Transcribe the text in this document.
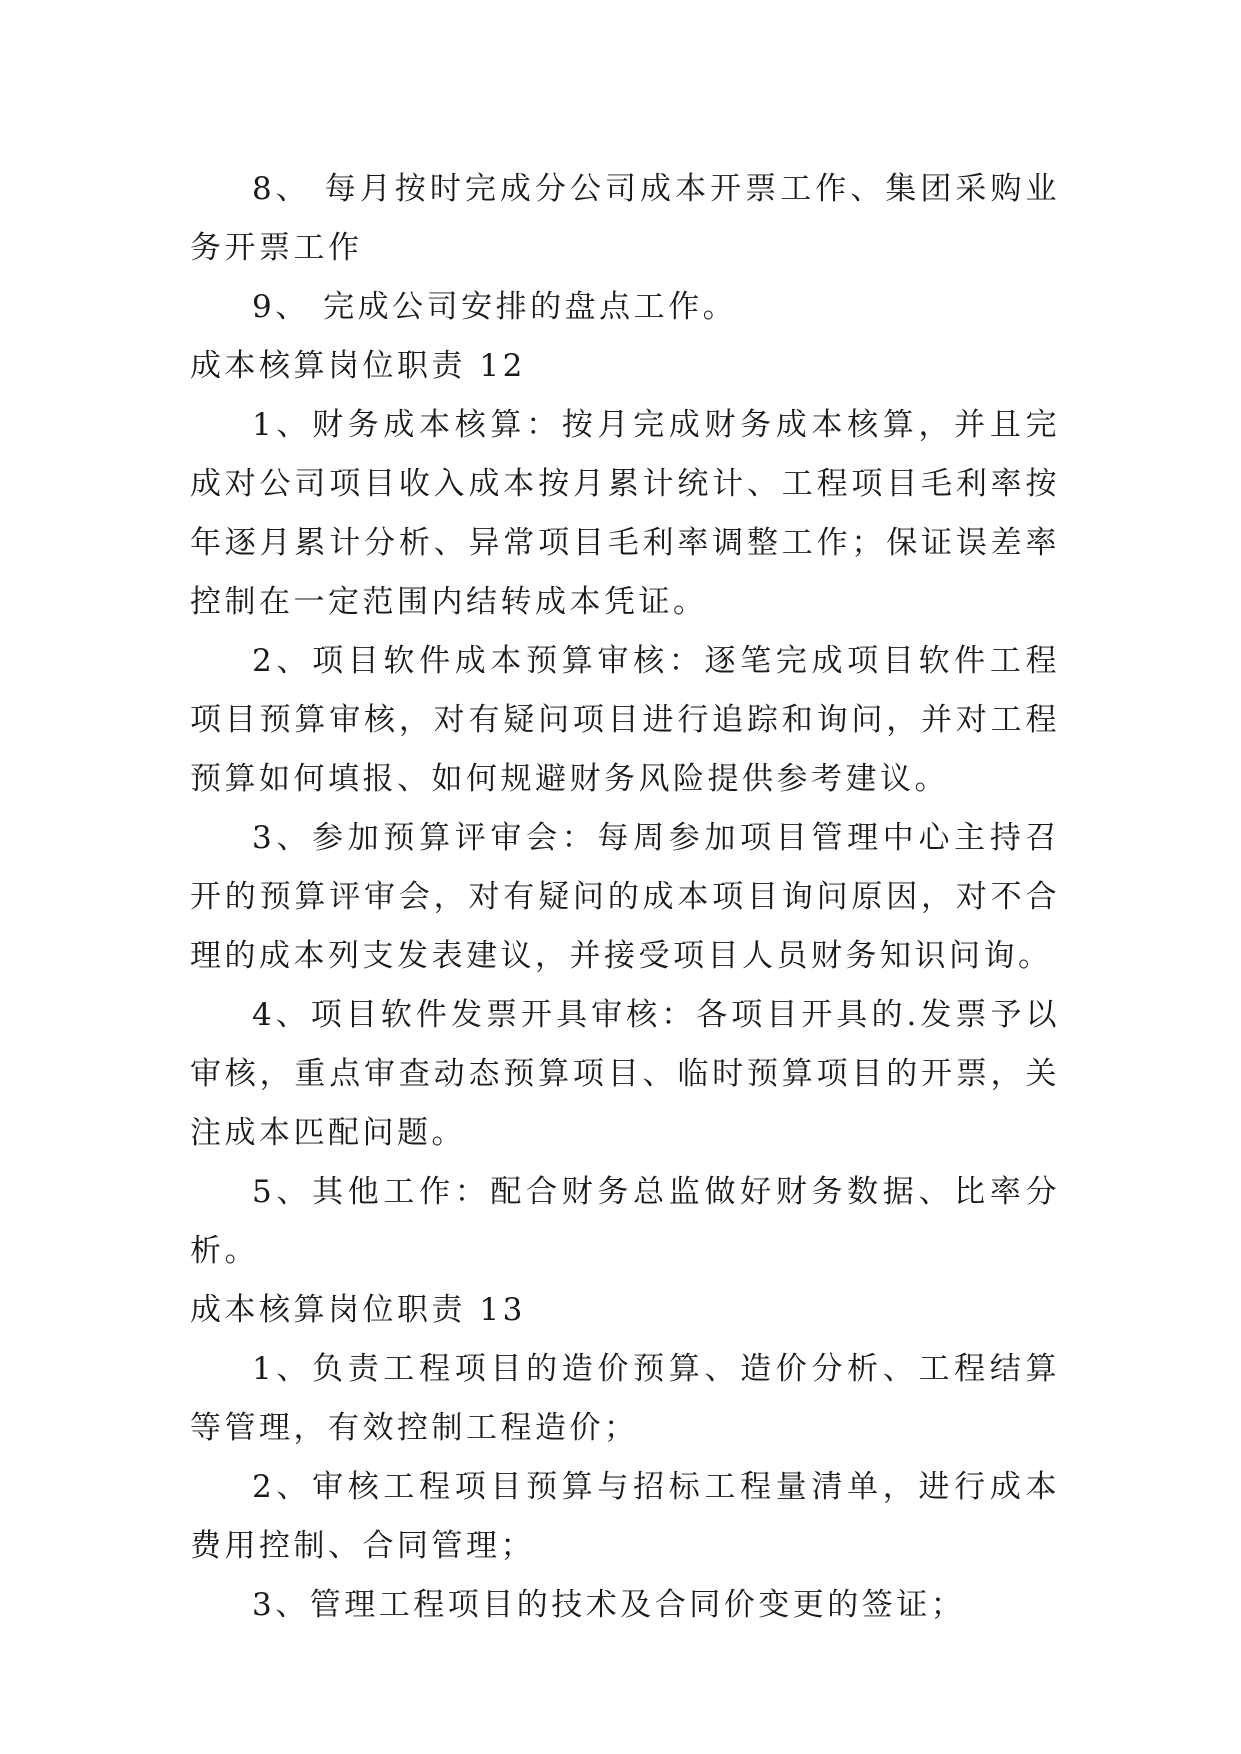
8、 每月按时完成分公司成本开票工作、集团采购业务开票工作

9、 完成公司安排的盘点工作。

成本核算岗位职责 12

1、财务成本核算：按月完成财务成本核算，并且完成对公司项目收入成本按月累计统计、工程项目毛利率按年逐月累计分析、异常项目毛利率调整工作；保证误差率控制在一定范围内结转成本凭证。

2、项目软件成本预算审核：逐笔完成项目软件工程项目预算审核，对有疑问项目进行追踪和询问，并对工程预算如何填报、如何规避财务风险提供参考建议。

3、参加预算评审会：每周参加项目管理中心主持召开的预算评审会，对有疑问的成本项目询问原因，对不合理的成本列支发表建议，并接受项目人员财务知识问询。

4、项目软件发票开具审核：各项目开具的.发票予以审核，重点审查动态预算项目、临时预算项目的开票，关注成本匹配问题。

5、其他工作：配合财务总监做好财务数据、比率分析。

成本核算岗位职责 13

1、负责工程项目的造价预算、造价分析、工程结算等管理，有效控制工程造价；

2、审核工程项目预算与招标工程量清单，进行成本费用控制、合同管理；

3、管理工程项目的技术及合同价变更的签证；
